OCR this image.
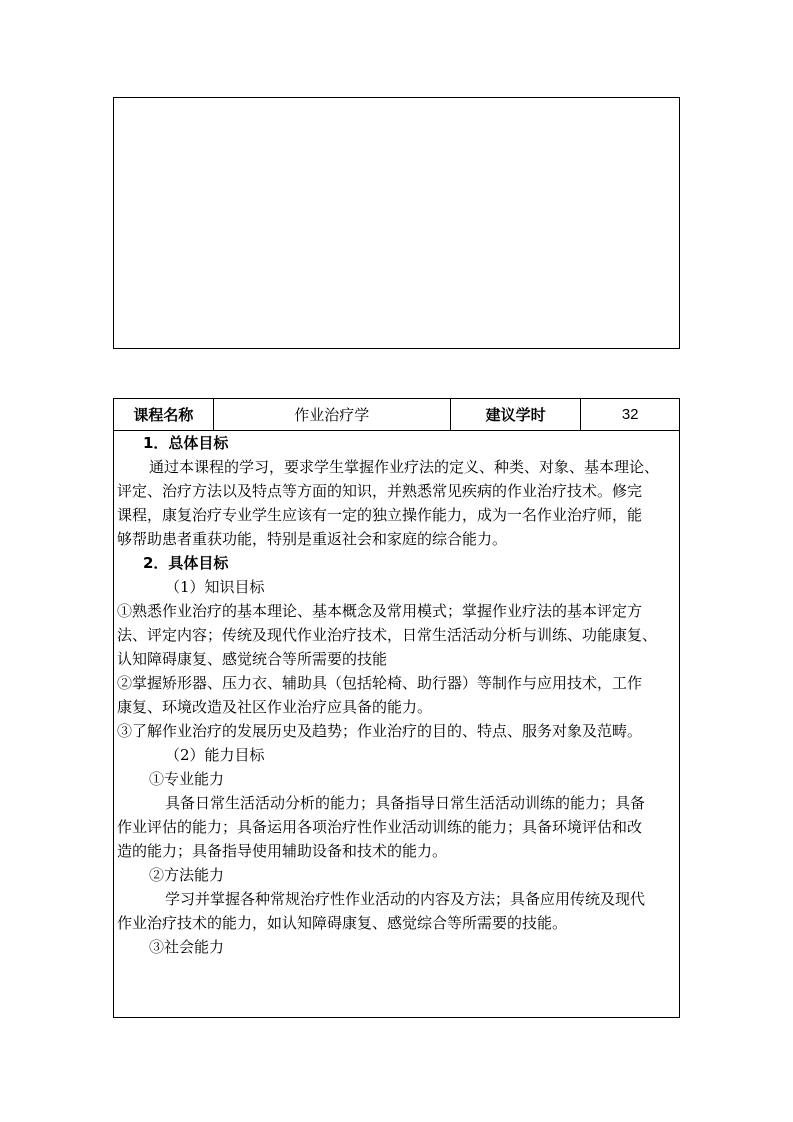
课程名称	作业治疗学	建议学时	32
1．总体目标
通过本课程的学习，要求学生掌握作业疗法的定义、种类、对象、基本理论、
评定、治疗方法以及特点等方面的知识，并熟悉常见疾病的作业治疗技术。修完
课程，康复治疗专业学生应该有一定的独立操作能力，成为一名作业治疗师，能
够帮助患者重获功能，特别是重返社会和家庭的综合能力。
2．具体目标
（1）知识目标
①熟悉作业治疗的基本理论、基本概念及常用模式；掌握作业疗法的基本评定方
法、评定内容；传统及现代作业治疗技术，日常生活活动分析与训练、功能康复、
认知障碍康复、感觉统合等所需要的技能
②掌握矫形器、压力衣、辅助具（包括轮椅、助行器）等制作与应用技术，工作
康复、环境改造及社区作业治疗应具备的能力。
③了解作业治疗的发展历史及趋势；作业治疗的目的、特点、服务对象及范畴。
（2）能力目标
①专业能力
具备日常生活活动分析的能力；具备指导日常生活活动训练的能力；具备
作业评估的能力；具备运用各项治疗性作业活动训练的能力；具备环境评估和改
造的能力；具备指导使用辅助设备和技术的能力。
②方法能力
学习并掌握各种常规治疗性作业活动的内容及方法；具备应用传统及现代
作业治疗技术的能力，如认知障碍康复、感觉综合等所需要的技能。
③社会能力
